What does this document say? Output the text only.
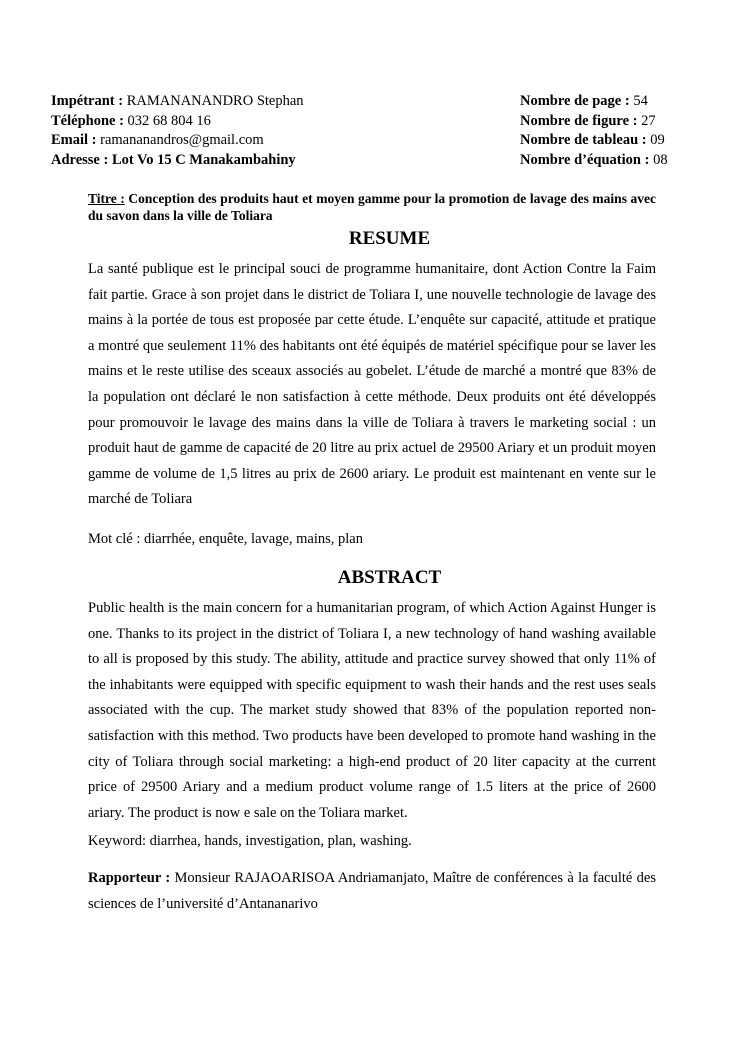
Impétrant : RAMANANANDRO Stephan
Téléphone : 032 68 804 16
Email : ramananandros@gmail.com
Adresse : Lot Vo 15 C Manakambahiny
Nombre de page : 54
Nombre de figure : 27
Nombre de tableau : 09
Nombre d’équation : 08
Titre : Conception des produits haut et moyen gamme pour la promotion de lavage des mains avec du savon dans la ville de Toliara
RESUME

La santé publique est le principal souci de programme humanitaire, dont Action Contre la Faim fait partie. Grace à son projet dans le district de Toliara I, une nouvelle technologie de lavage des mains à la portée de tous est proposée par cette étude. L’enquête sur capacité, attitude et pratique a montré que seulement 11% des habitants ont été équipés de matériel spécifique pour se laver les mains et le reste utilise des sceaux associés au gobelet. L’étude de marché a montré que 83% de la population ont déclaré le non satisfaction à cette méthode. Deux produits ont été développés pour promouvoir le lavage des mains dans la ville de Toliara à travers le marketing social : un produit haut de gamme de capacité de 20 litre au prix actuel de 29500 Ariary et un produit moyen gamme de volume de 1,5 litres au prix de 2600 ariary. Le produit est maintenant en vente sur le marché de Toliara

Mot clé : diarrhée, enquête, lavage, mains, plan

ABSTRACT

Public health is the main concern for a humanitarian program, of which Action Against Hunger is one. Thanks to its project in the district of Toliara I, a new technology of hand washing available to all is proposed by this study. The ability, attitude and practice survey showed that only 11% of the inhabitants were equipped with specific equipment to wash their hands and the rest uses seals associated with the cup. The market study showed that 83% of the population reported non-satisfaction with this method. Two products have been developed to promote hand washing in the city of Toliara through social marketing: a high-end product of 20 liter capacity at the current price of 29500 Ariary and a medium product volume range of 1.5 liters at the price of 2600 ariary. The product is now e sale on the Toliara market.

Keyword: diarrhea, hands, investigation, plan, washing.

Rapporteur : Monsieur RAJAOARISOA Andriamanjato, Maître de conférences à la faculté des sciences de l’université d’Antananarivo
